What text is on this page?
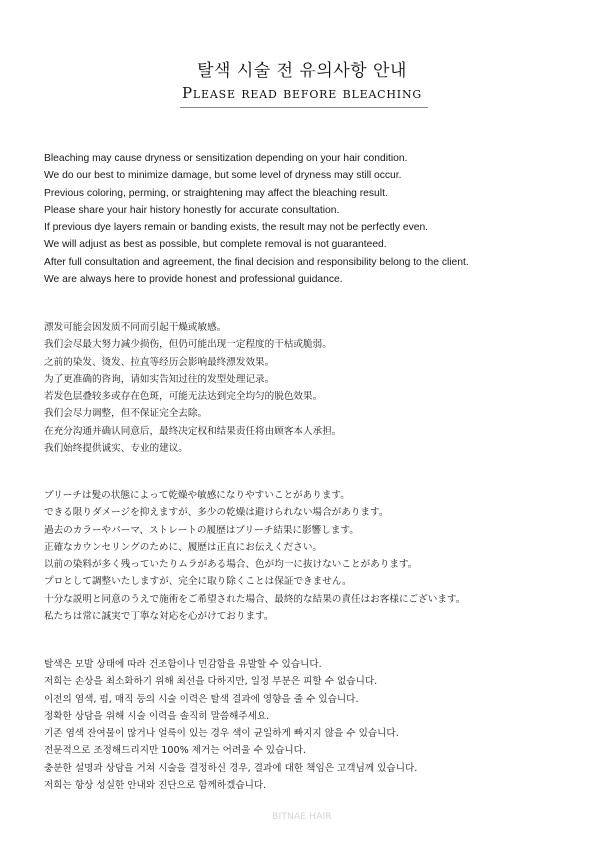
탈색 시술 전 유의사항 안내
Please read before bleaching
Bleaching may cause dryness or sensitization depending on your hair condition.
We do our best to minimize damage, but some level of dryness may still occur.
Previous coloring, perming, or straightening may affect the bleaching result.
Please share your hair history honestly for accurate consultation.
If previous dye layers remain or banding exists, the result may not be perfectly even.
We will adjust as best as possible, but complete removal is not guaranteed.
After full consultation and agreement, the final decision and responsibility belong to the client.
We are always here to provide honest and professional guidance.
漂发可能会因发质不同而引起干燥或敏感。
我们会尽最大努力减少损伤，但仍可能出现一定程度的干枯或脆弱。
之前的染发、烫发、拉直等经历会影响最终漂发效果。
为了更准确的咨询，请如实告知过往的发型处理记录。
若发色层叠较多或存在色斑，可能无法达到完全均匀的脱色效果。
我们会尽力调整，但不保证完全去除。
在充分沟通并确认同意后，最终决定权和结果责任将由顾客本人承担。
我们始终提供诚实、专业的建议。
ブリーチは髪の状態によって乾燥や敏感になりやすいことがあります。
できる限りダメージを抑えますが、多少の乾燥は避けられない場合があります。
過去のカラーやパーマ、ストレートの履歴はブリーチ結果に影響します。
正確なカウンセリングのために、履歴は正直にお伝えください。
以前の染料が多く残っていたりムラがある場合、色が均一に抜けないことがあります。
プロとして調整いたしますが、完全に取り除くことは保証できません。
十分な説明と同意のうえで施術をご希望された場合、最終的な結果の責任はお客様にございます。
私たちは常に誠実で丁寧な対応を心がけております。
탈색은 모발 상태에 따라 건조함이나 민감함을 유발할 수 있습니다.
저희는 손상을 최소화하기 위해 최선을 다하지만, 일정 부분은 피할 수 없습니다.
이전의 염색, 펌, 매직 등의 시술 이력은 탈색 결과에 영향을 줄 수 있습니다.
정확한 상담을 위해 시술 이력을 솔직히 말씀해주세요.
기존 염색 잔여물이 많거나 얼룩이 있는 경우 색이 균일하게 빠지지 않을 수 있습니다.
전문적으로 조정해드리지만 100% 제거는 어려울 수 있습니다.
충분한 설명과 상담을 거쳐 시술을 결정하신 경우, 결과에 대한 책임은 고객님께 있습니다.
저희는 항상 성실한 안내와 진단으로 함께하겠습니다.
BITNAE HAIR
